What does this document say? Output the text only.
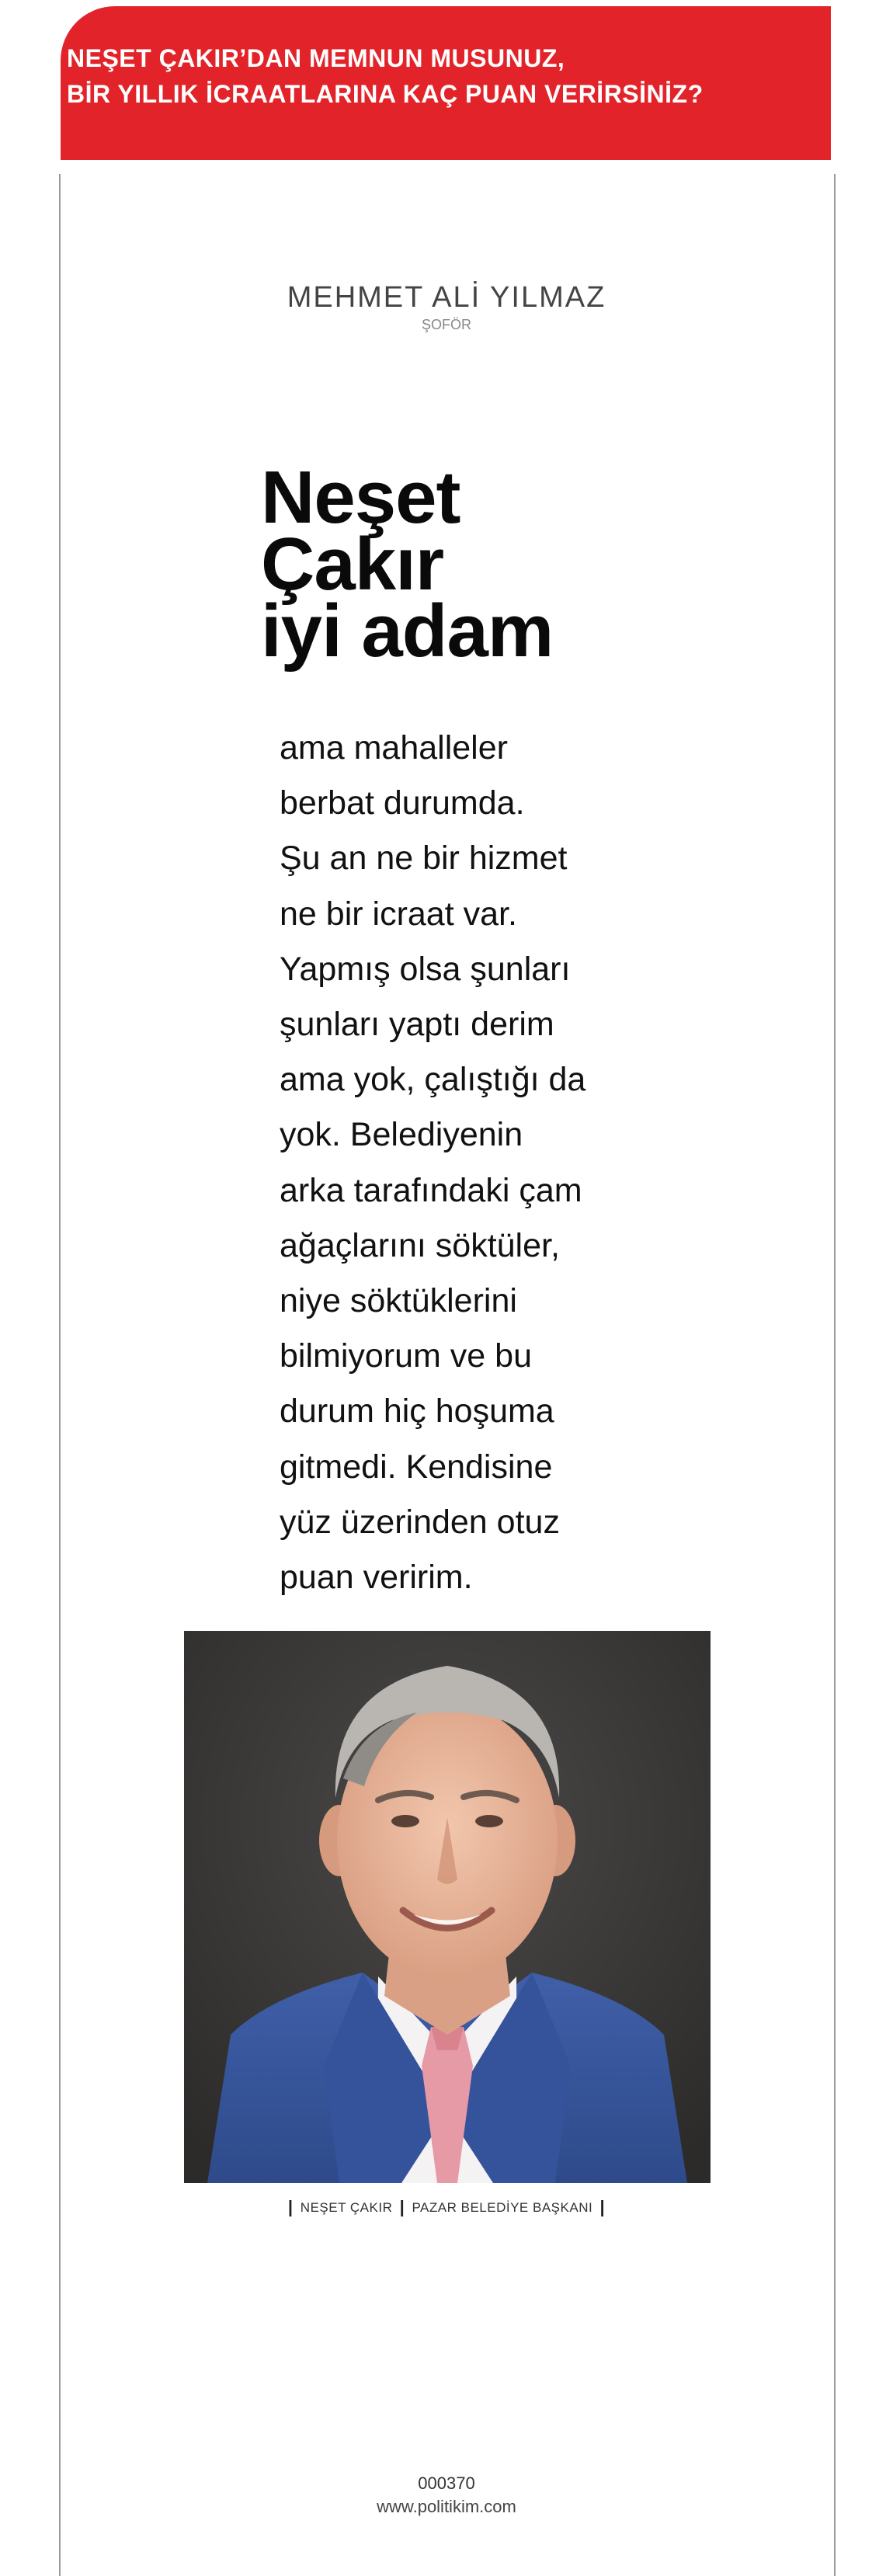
NEŞET ÇAKIR’DAN MEMNUN MUSUNUZ,
BİR YILLIK İCRAATLARINA KAÇ PUAN VERİRSİNİZ?
MEHMET ALİ YILMAZ
ŞOFÖR
Neşet
Çakır
iyi adam
ama mahalleler
berbat durumda.
Şu an ne bir hizmet
ne bir icraat var.
Yapmış olsa şunları
şunları yaptı derim
ama yok, çalıştığı da
yok. Belediyenin
arka tarafındaki çam
ağaçlarını söktüler,
niye söktüklerini
bilmiyorum ve bu
durum hiç hoşuma
gitmedi. Kendisine
yüz üzerinden otuz
puan veririm.
| NEŞET ÇAKIR | PAZAR BELEDİYE BAŞKANI |
000370
www.politikim.com
